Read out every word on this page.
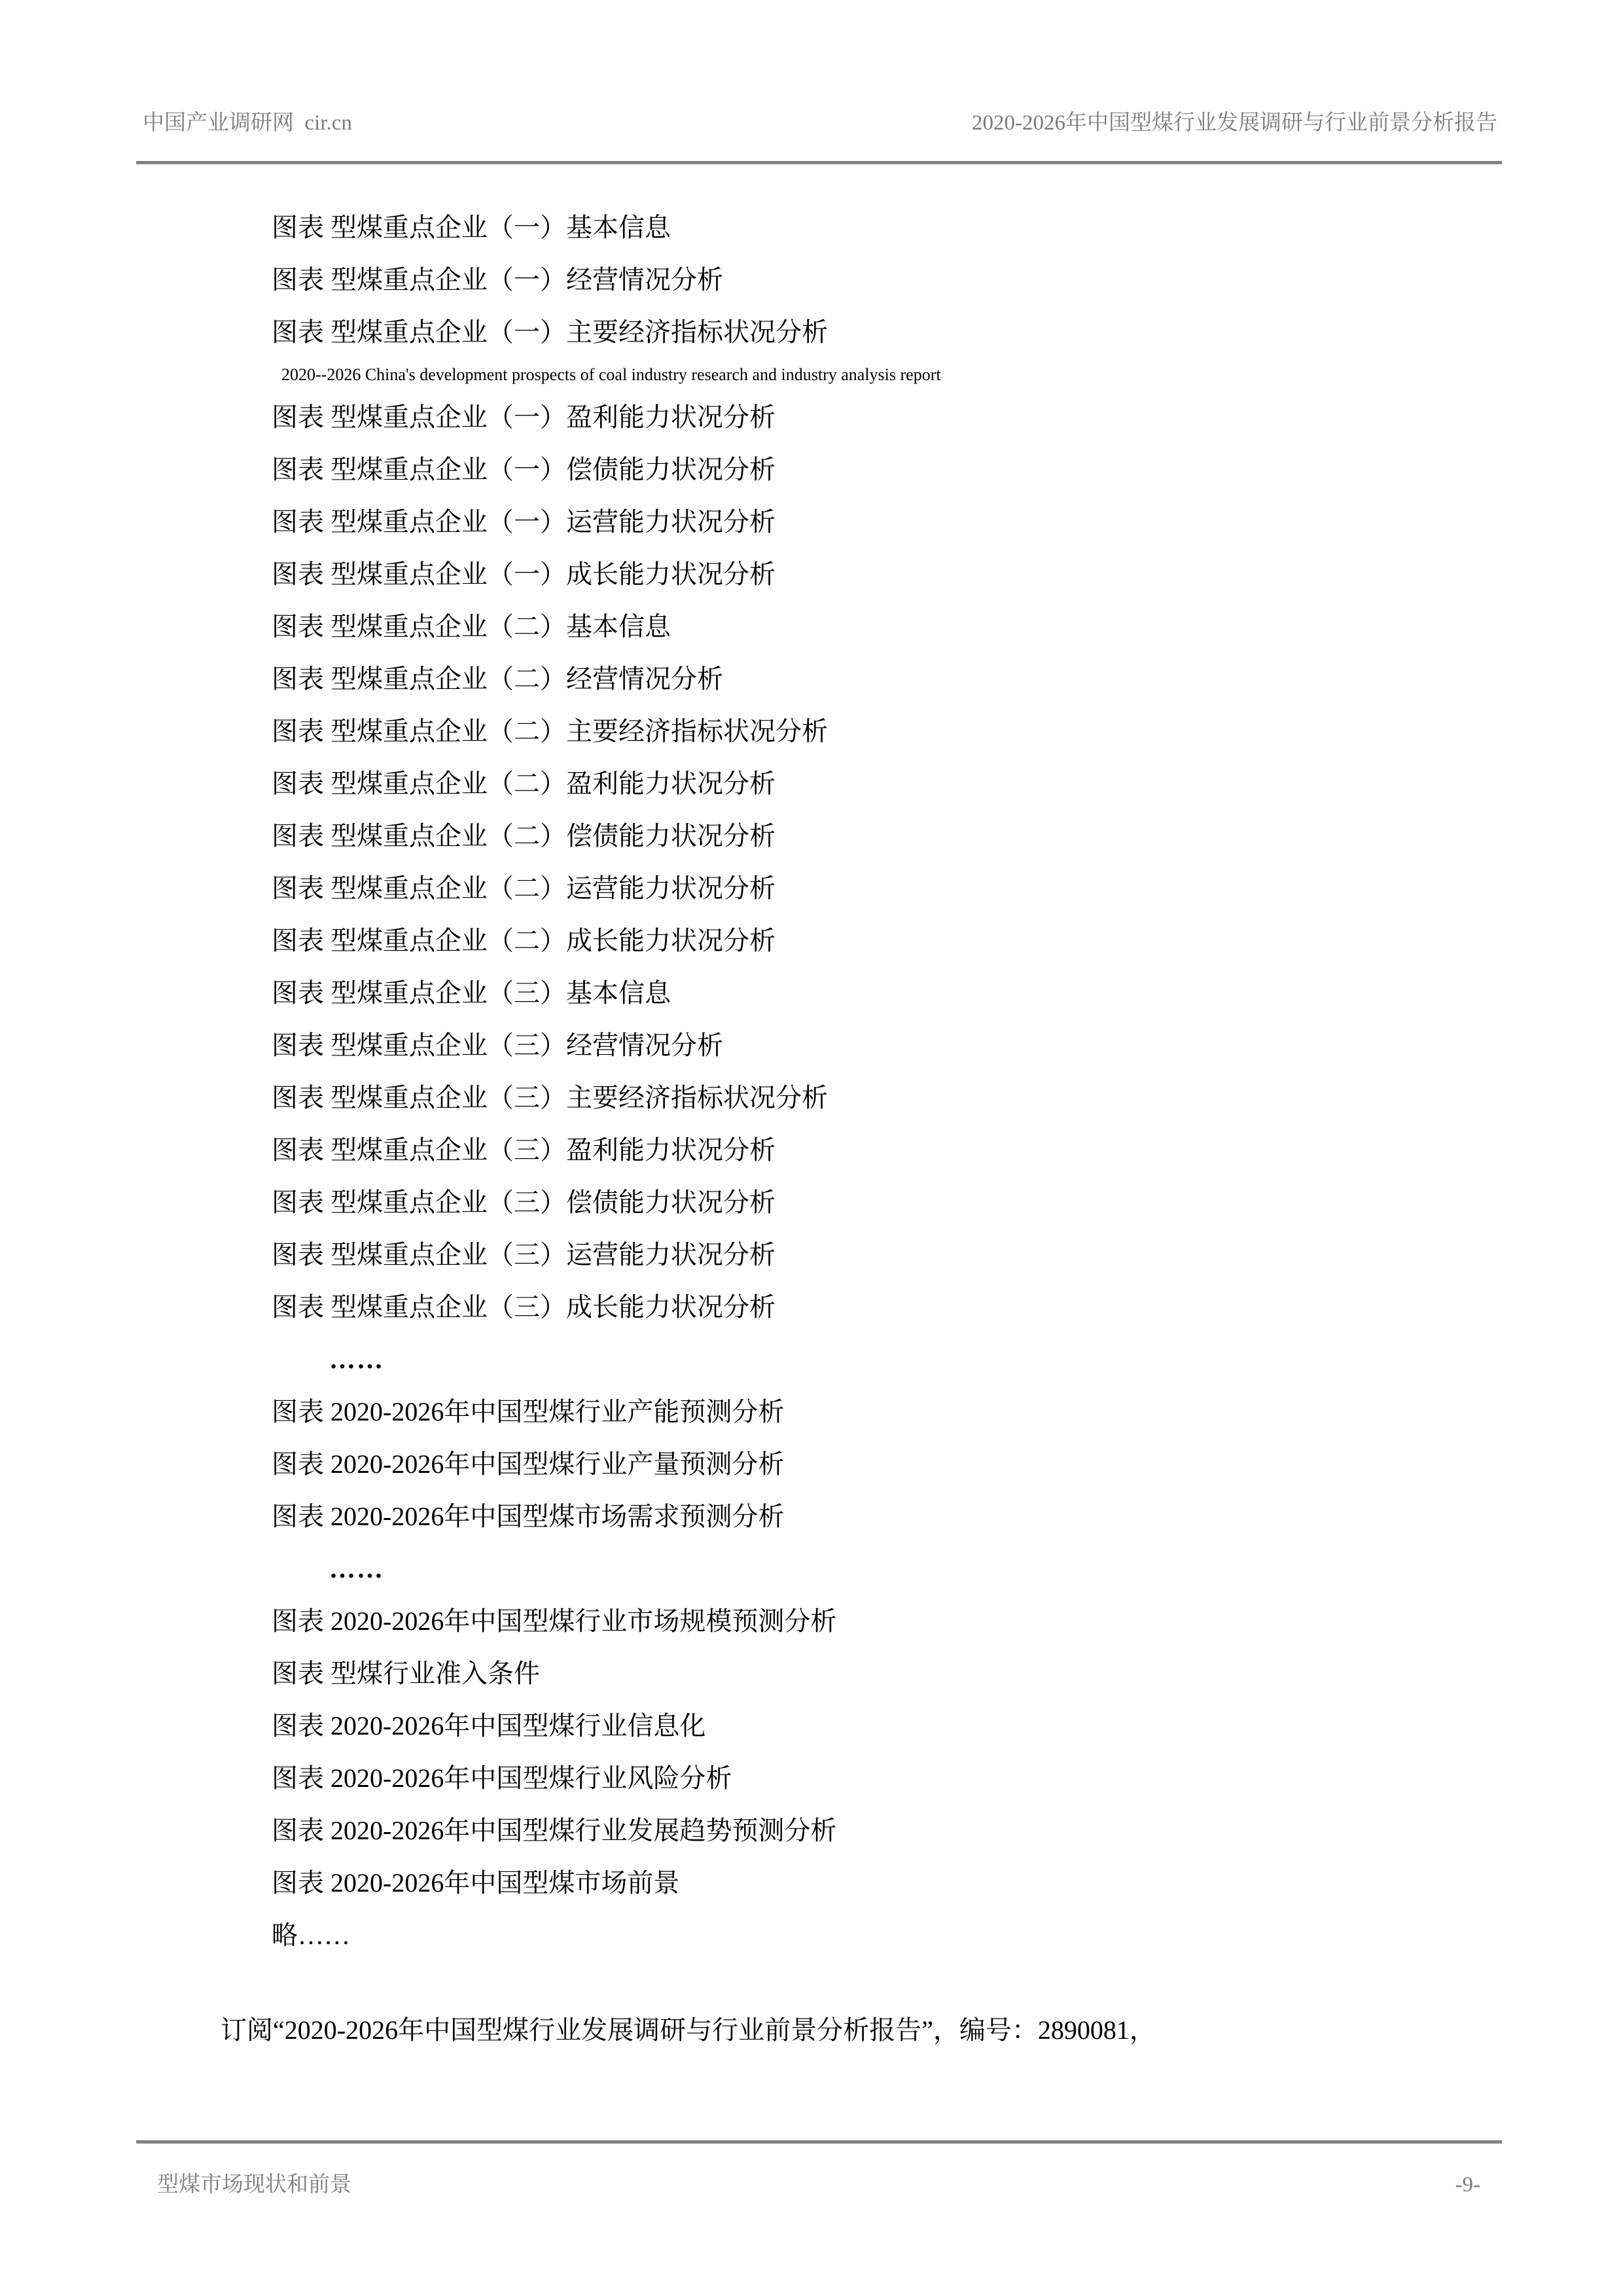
中国产业调研网  cir.cn	2020-2026年中国型煤行业发展调研与行业前景分析报告
图表 型煤重点企业（一）基本信息
图表 型煤重点企业（一）经营情况分析
图表 型煤重点企业（一）主要经济指标状况分析
2020--2026 China's development prospects of coal industry research and industry analysis report
图表 型煤重点企业（一）盈利能力状况分析
图表 型煤重点企业（一）偿债能力状况分析
图表 型煤重点企业（一）运营能力状况分析
图表 型煤重点企业（一）成长能力状况分析
图表 型煤重点企业（二）基本信息
图表 型煤重点企业（二）经营情况分析
图表 型煤重点企业（二）主要经济指标状况分析
图表 型煤重点企业（二）盈利能力状况分析
图表 型煤重点企业（二）偿债能力状况分析
图表 型煤重点企业（二）运营能力状况分析
图表 型煤重点企业（二）成长能力状况分析
图表 型煤重点企业（三）基本信息
图表 型煤重点企业（三）经营情况分析
图表 型煤重点企业（三）主要经济指标状况分析
图表 型煤重点企业（三）盈利能力状况分析
图表 型煤重点企业（三）偿债能力状况分析
图表 型煤重点企业（三）运营能力状况分析
图表 型煤重点企业（三）成长能力状况分析
……
图表 2020-2026年中国型煤行业产能预测分析
图表 2020-2026年中国型煤行业产量预测分析
图表 2020-2026年中国型煤市场需求预测分析
……
图表 2020-2026年中国型煤行业市场规模预测分析
图表 型煤行业准入条件
图表 2020-2026年中国型煤行业信息化
图表 2020-2026年中国型煤行业风险分析
图表 2020-2026年中国型煤行业发展趋势预测分析
图表 2020-2026年中国型煤市场前景
略……
订阅“2020-2026年中国型煤行业发展调研与行业前景分析报告”，编号：2890081，
型煤市场现状和前景	-9-
